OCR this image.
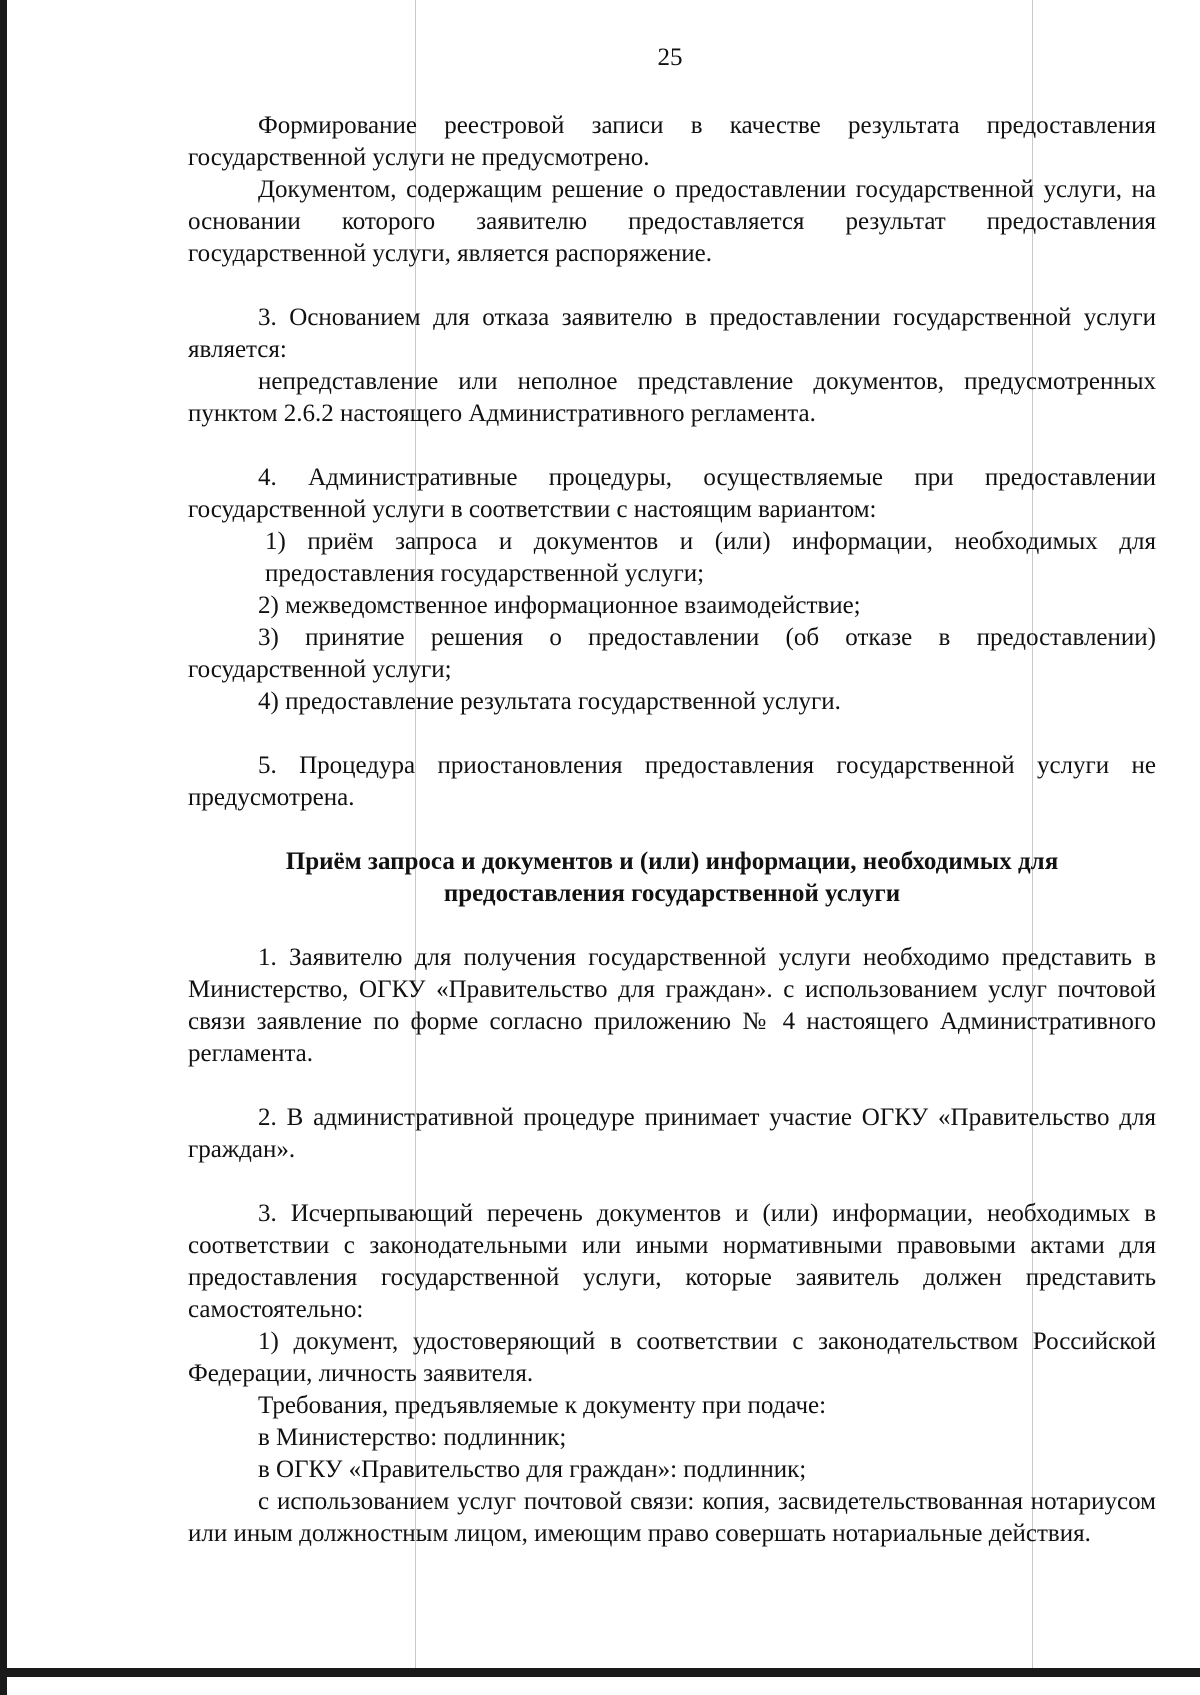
25

Формирование реестровой записи в качестве результата предоставления государственной услуги не предусмотрено.

Документом, содержащим решение о предоставлении государственной услуги, на основании которого заявителю предоставляется результат предоставления государственной услуги, является распоряжение.

3. Основанием для отказа заявителю в предоставлении государственной услуги является:

непредставление или неполное представление документов, предусмотренных пунктом 2.6.2 настоящего Административного регламента.

4. Административные процедуры, осуществляемые при предоставлении государственной услуги в соответствии с настоящим вариантом:

1) приём запроса и документов и (или) информации, необходимых для предоставления государственной услуги;

2) межведомственное информационное взаимодействие;

3) принятие решения о предоставлении (об отказе в предоставлении) государственной услуги;

4) предоставление результата государственной услуги.

5. Процедура приостановления предоставления государственной услуги не предусмотрена.

Приём запроса и документов и (или) информации, необходимых для предоставления государственной услуги

1. Заявителю для получения государственной услуги необходимо представить в Министерство, ОГКУ «Правительство для граждан». с использованием услуг почтовой связи заявление по форме согласно приложению № 4 настоящего Административного регламента.

2. В административной процедуре принимает участие ОГКУ «Правительство для граждан».

3. Исчерпывающий перечень документов и (или) информации, необходимых в соответствии с законодательными или иными нормативными правовыми актами для предоставления государственной услуги, которые заявитель должен представить самостоятельно:

1) документ, удостоверяющий в соответствии с законодательством Российской Федерации, личность заявителя.

Требования, предъявляемые к документу при подаче:

в Министерство: подлинник;

в ОГКУ «Правительство для граждан»: подлинник;

с использованием услуг почтовой связи: копия, засвидетельствованная нотариусом или иным должностным лицом, имеющим право совершать нотариальные действия.
